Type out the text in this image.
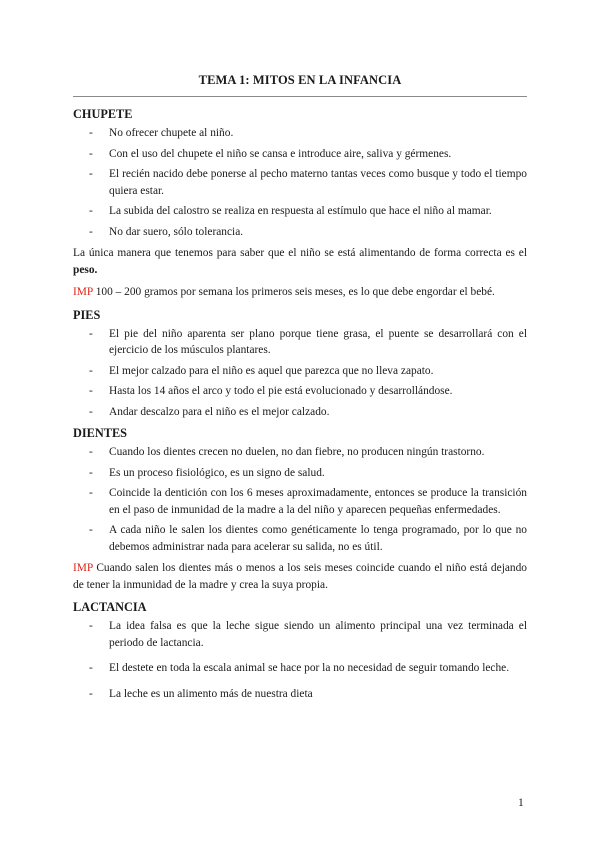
TEMA 1: MITOS EN LA INFANCIA
CHUPETE
- No ofrecer chupete al niño.
- Con el uso del chupete el niño se cansa e introduce aire, saliva y gérmenes.
- El recién nacido debe ponerse al pecho materno tantas veces como busque y todo el tiempo quiera estar.
- La subida del calostro se realiza en respuesta al estímulo que hace el niño al mamar.
- No dar suero, sólo tolerancia.

La única manera que tenemos para saber que el niño se está alimentando de forma correcta es el peso.

IMP 100 – 200 gramos por semana los primeros seis meses, es lo que debe engordar el bebé.

PIES
- El pie del niño aparenta ser plano porque tiene grasa, el puente se desarrollará con el ejercicio de los músculos plantares.
- El mejor calzado para el niño es aquel que parezca que no lleva zapato.
- Hasta los 14 años el arco y todo el pie está evolucionado y desarrollándose.
- Andar descalzo para el niño es el mejor calzado.
DIENTES
- Cuando los dientes crecen no duelen, no dan fiebre, no producen ningún trastorno.
- Es un proceso fisiológico, es un signo de salud.
- Coincide la dentición con los 6 meses aproximadamente, entonces se produce la transición en el paso de inmunidad de la madre a la del niño y aparecen pequeñas enfermedades.
- A cada niño le salen los dientes como genéticamente lo tenga programado, por lo que no debemos administrar nada para acelerar su salida, no es útil.

IMP Cuando salen los dientes más o menos a los seis meses coincide cuando el niño está dejando de tener la inmunidad de la madre y crea la suya propia.

LACTANCIA
- La idea falsa es que la leche sigue siendo un alimento principal una vez terminada el periodo de lactancia.
- El destete en toda la escala animal se hace por la no necesidad de seguir tomando leche.
- La leche es un alimento más de nuestra dieta
1
